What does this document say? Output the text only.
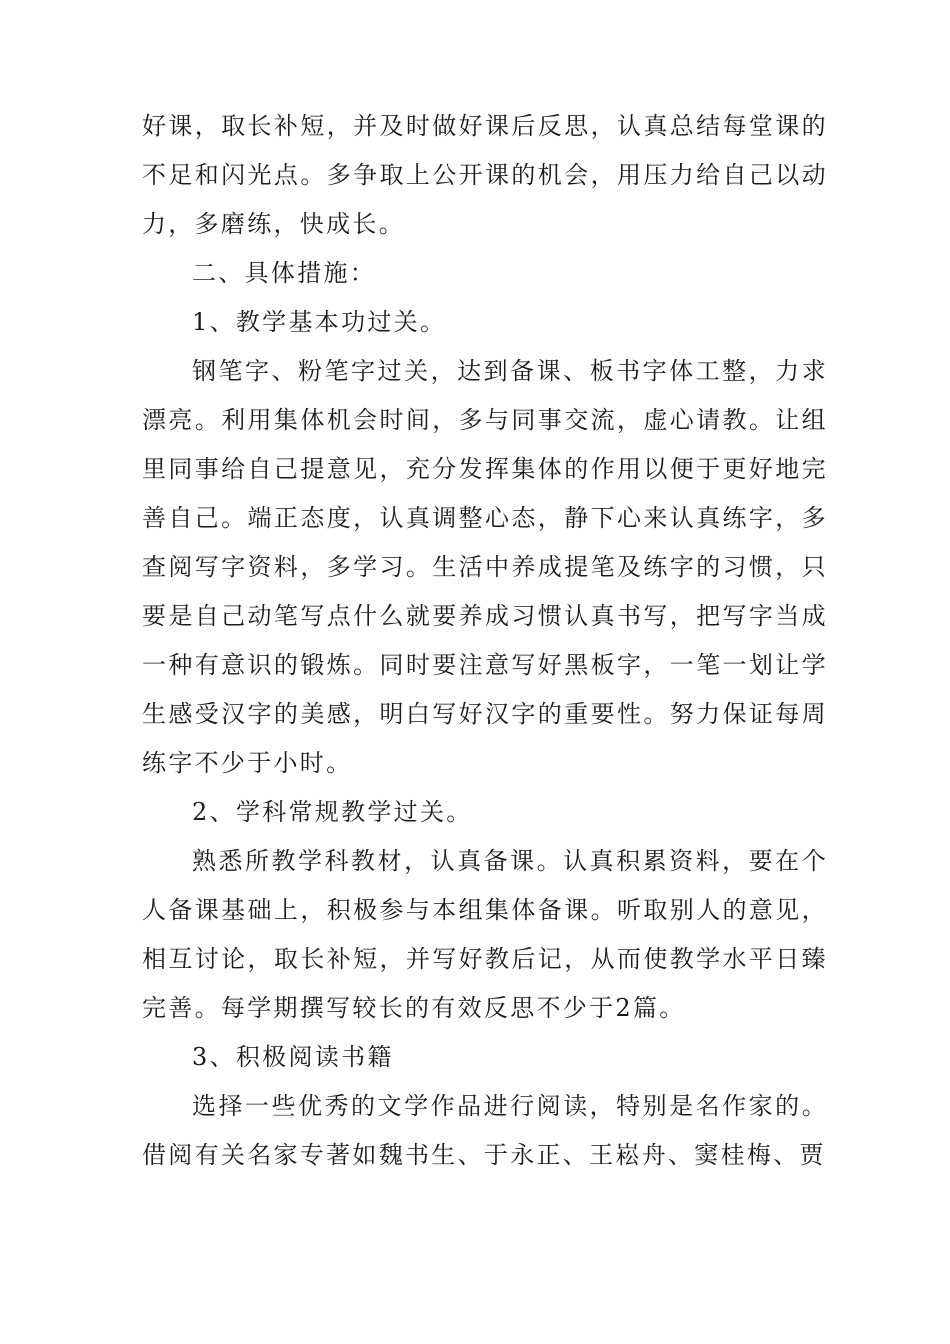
好课，取长补短，并及时做好课后反思，认真总结每堂课的不足和闪光点。多争取上公开课的机会，用压力给自己以动力，多磨练，快成长。

二、具体措施：

1、教学基本功过关。

钢笔字、粉笔字过关，达到备课、板书字体工整，力求漂亮。利用集体机会时间，多与同事交流，虚心请教。让组里同事给自己提意见，充分发挥集体的作用以便于更好地完善自己。端正态度，认真调整心态，静下心来认真练字，多查阅写字资料，多学习。生活中养成提笔及练字的习惯，只要是自己动笔写点什么就要养成习惯认真书写，把写字当成一种有意识的锻炼。同时要注意写好黑板字，一笔一划让学生感受汉字的美感，明白写好汉字的重要性。努力保证每周练字不少于小时。

2、学科常规教学过关。

熟悉所教学科教材，认真备课。认真积累资料，要在个人备课基础上，积极参与本组集体备课。听取别人的意见，相互讨论，取长补短，并写好教后记，从而使教学水平日臻完善。每学期撰写较长的有效反思不少于2篇。

3、积极阅读书籍

选择一些优秀的文学作品进行阅读，特别是名作家的。借阅有关名家专著如魏书生、于永正、王崧舟、窦桂梅、贾
